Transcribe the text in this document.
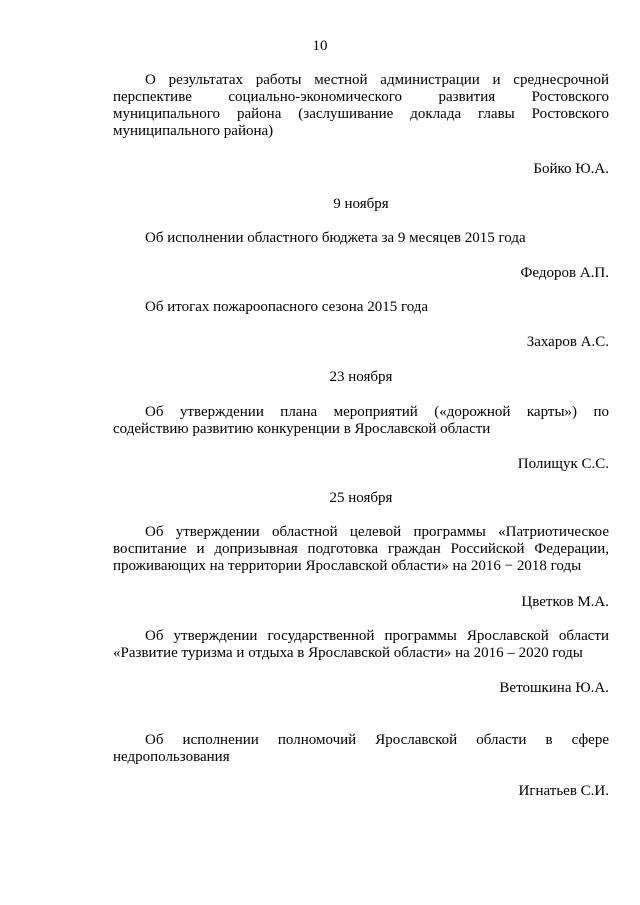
10
О результатах работы местной администрации и среднесрочной
перспективе социально-экономического развития Ростовского
муниципального района (заслушивание доклада главы Ростовского
муниципального района)
Бойко Ю.А.
9 ноября
Об исполнении областного бюджета за 9 месяцев 2015 года
Федоров А.П.
Об итогах пожароопасного сезона 2015 года
Захаров А.С.
23 ноября
Об утверждении плана мероприятий («дорожной карты») по
содействию развитию конкуренции в Ярославской области
Полищук С.С.
25 ноября
Об утверждении областной целевой программы «Патриотическое
воспитание и допризывная подготовка граждан Российской Федерации,
проживающих на территории Ярославской области» на 2016 − 2018 годы
Цветков М.А.
Об утверждении государственной программы Ярославской области
«Развитие туризма и отдыха в Ярославской области» на 2016 – 2020 годы
Ветошкина Ю.А.
Об исполнении полномочий Ярославской области в сфере
недропользования
Игнатьев С.И.
